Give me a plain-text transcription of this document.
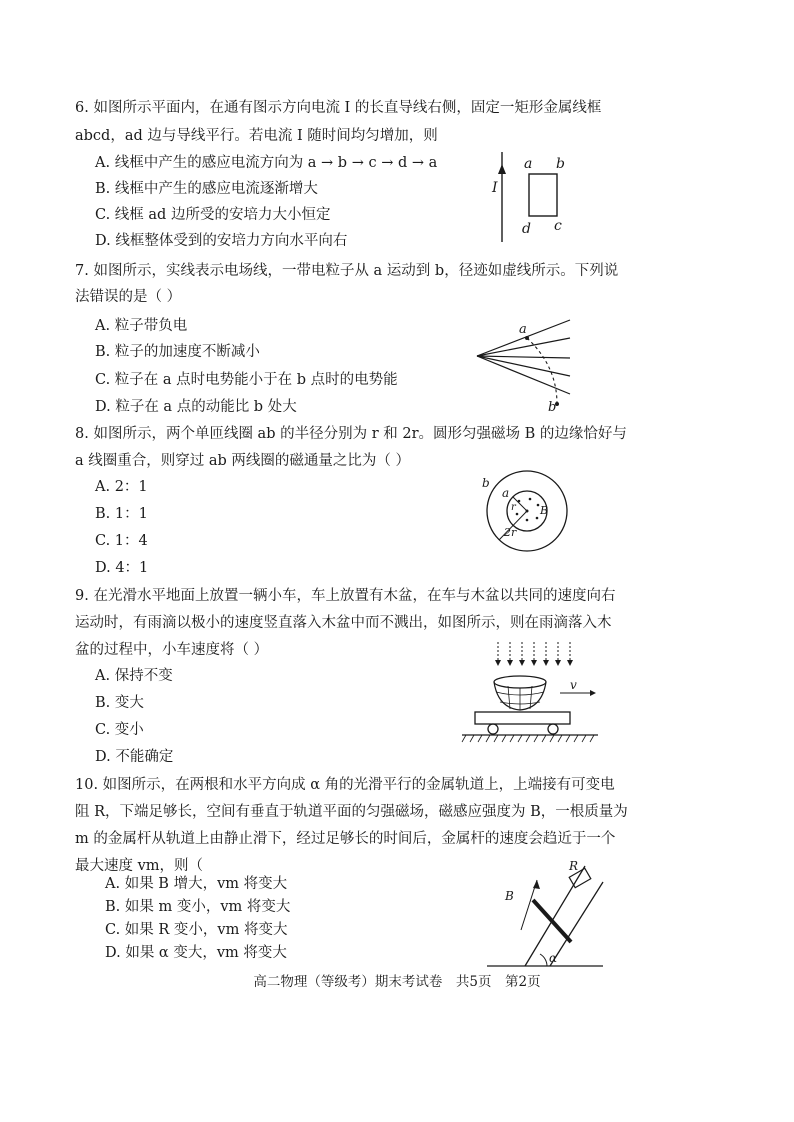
6. 如图所示平面内，在通有图示方向电流 I 的长直导线右侧，固定一矩形金属线框
abcd，ad 边与导线平行。若电流 I 随时间均匀增加，则
A. 线框中产生的感应电流方向为 a → b → c → d → a
B. 线框中产生的感应电流逐渐增大
C. 线框 ad 边所受的安培力大小恒定
D. 线框整体受到的安培力方向水平向右
I
a b
c
d
7. 如图所示，实线表示电场线，一带电粒子从 a 运动到 b，径迹如虚线所示。下列说
法错误的是（ ）
A. 粒子带负电
B. 粒子的加速度不断减小
C. 粒子在 a 点时电势能小于在 b 点时的电势能
D. 粒子在 a 点的动能比 b 处大
a
b
8. 如图所示，两个单匝线圈 ab 的半径分别为 r 和 2r。圆形匀强磁场 B 的边缘恰好与
a 线圈重合，则穿过 ab 两线圈的磁通量之比为（ ）
A. 2：1
B. 1：1
C. 1：4
D. 4：1
b
a
r B
2r
9. 在光滑水平地面上放置一辆小车，车上放置有木盆，在车与木盆以共同的速度向右
运动时，有雨滴以极小的速度竖直落入木盆中而不溅出，如图所示，则在雨滴落入木
盆的过程中，小车速度将（ ）
A. 保持不变
B. 变大
C. 变小
D. 不能确定
v
10. 如图所示，在两根和水平方向成 α 角的光滑平行的金属轨道上，上端接有可变电
阻 R，下端足够长，空间有垂直于轨道平面的匀强磁场，磁感应强度为 B，一根质量为
m 的金属杆从轨道上由静止滑下，经过足够长的时间后，金属杆的速度会趋近于一个
最大速度 vm，则（
A. 如果 B 增大，vm 将变大
B. 如果 m 变小，vm 将变大
C. 如果 R 变小，vm 将变大
D. 如果 α 变大，vm 将变大
R
B
α
高二物理（等级考）期末考试卷　共5页　第2页
